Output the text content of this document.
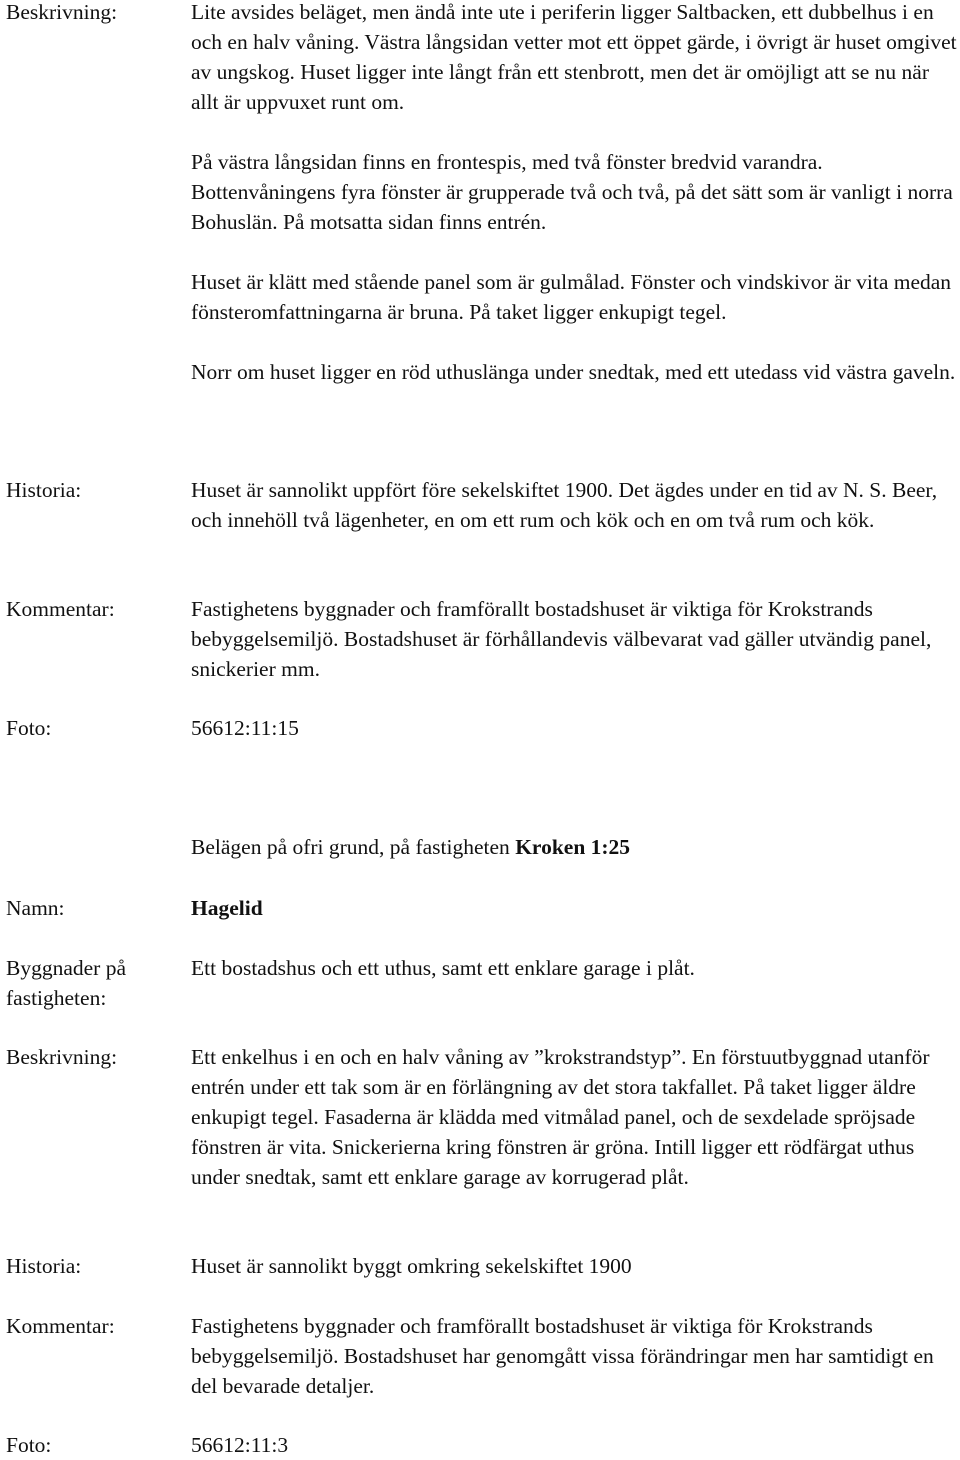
Beskrivning:	Lite avsides beläget, men ändå inte ute i periferin ligger Saltbacken, ett dubbelhus i en och en halv våning. Västra långsidan vetter mot ett öppet gärde, i övrigt är huset omgivet av ungskog. Huset ligger inte långt från ett stenbrott, men det är omöjligt att se nu när allt är uppvuxet runt om.

På västra långsidan finns en frontespis, med två fönster bredvid varandra. Bottenvåningens fyra fönster är grupperade två och två, på det sätt som är vanligt i norra Bohuslän. På motsatta sidan finns entrén.

Huset är klätt med stående panel som är gulmålad. Fönster och vindskivor är vita medan fönsteromfattningarna är bruna. På taket ligger enkupigt tegel.

Norr om huset ligger en röd uthuslänga under snedtak, med ett utedass vid västra gaveln.

Historia:	Huset är sannolikt uppfört före sekelskiftet 1900. Det ägdes under en tid av N. S. Beer, och innehöll två lägenheter, en om ett rum och kök och en om två rum och kök.
Kommentar:	Fastighetens byggnader och framförallt bostadshuset är viktiga för Krokstrands bebyggelsemiljö. Bostadshuset är förhållandevis välbevarat vad gäller utvändig panel, snickerier mm.
Foto:	56612:11:15
Belägen på ofri grund, på fastigheten Kroken 1:25
Namn:	Hagelid
Byggnader på fastigheten:
Ett bostadshus och ett uthus, samt ett enklare garage i plåt.
Beskrivning:	Ett enkelhus i en och en halv våning av ”krokstrandstyp”. En förstuutbyggnad utanför entrén under ett tak som är en förlängning av det stora takfallet. På taket ligger äldre enkupigt tegel. Fasaderna är klädda med vitmålad panel, och de sexdelade spröjsade fönstren är vita. Snickerierna kring fönstren är gröna. Intill ligger ett rödfärgat uthus under snedtak, samt ett enklare garage av korrugerad plåt.
Historia:	Huset är sannolikt byggt omkring sekelskiftet 1900
Kommentar:	Fastighetens byggnader och framförallt bostadshuset är viktiga för Krokstrands bebyggelsemiljö. Bostadshuset har genomgått vissa förändringar men har samtidigt en del bevarade detaljer.
Foto:	56612:11:3
